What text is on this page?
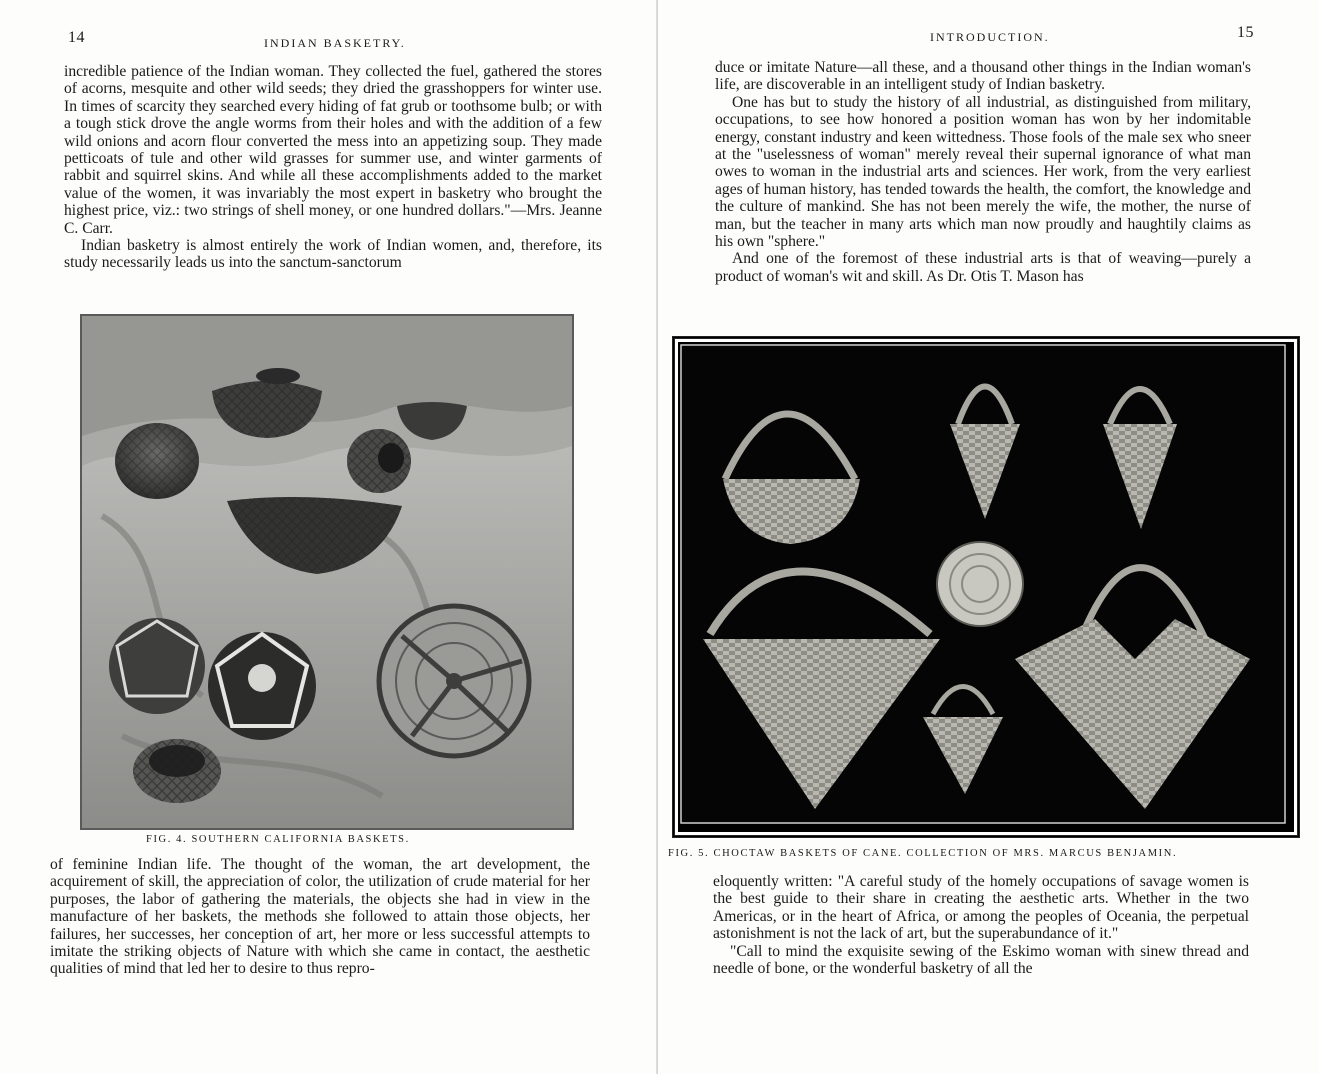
14	INDIAN BASKETRY.

incredible patience of the Indian woman. They collected the fuel, gathered the stores of acorns, mesquite and other wild seeds; they dried the grasshoppers for winter use. In times of scarcity they searched every hiding of fat grub or toothsome bulb; or with a tough stick drove the angle worms from their holes and with the addition of a few wild onions and acorn flour converted the mess into an appetizing soup. They made petticoats of tule and other wild grasses for summer use, and winter garments of rabbit and squirrel skins. And while all these accomplishments added to the market value of the women, it was invariably the most expert in basketry who brought the highest price, viz.: two strings of shell money, or one hundred dollars."—Mrs. Jeanne C. Carr.

Indian basketry is almost entirely the work of Indian women, and, therefore, its study necessarily leads us into the sanctum-sanctorum

FIG. 4. SOUTHERN CALIFORNIA BASKETS.

of feminine Indian life. The thought of the woman, the art development, the acquirement of skill, the appreciation of color, the utilization of crude material for her purposes, the labor of gathering the materials, the objects she had in view in the manufacture of her baskets, the methods she followed to attain those objects, her failures, her successes, her conception of art, her more or less successful attempts to imitate the striking objects of Nature with which she came in contact, the aesthetic qualities of mind that led her to desire to thus repro-

INTRODUCTION.	15

duce or imitate Nature—all these, and a thousand other things in the Indian woman's life, are discoverable in an intelligent study of Indian basketry.

One has but to study the history of all industrial, as distinguished from military, occupations, to see how honored a position woman has won by her indomitable energy, constant industry and keen wittedness. Those fools of the male sex who sneer at the "uselessness of woman" merely reveal their supernal ignorance of what man owes to woman in the industrial arts and sciences. Her work, from the very earliest ages of human history, has tended towards the health, the comfort, the knowledge and the culture of mankind. She has not been merely the wife, the mother, the nurse of man, but the teacher in many arts which man now proudly and haughtily claims as his own "sphere."

And one of the foremost of these industrial arts is that of weaving—purely a product of woman's wit and skill. As Dr. Otis T. Mason has

FIG. 5. CHOCTAW BASKETS OF CANE. COLLECTION OF MRS. MARCUS BENJAMIN.

eloquently written: "A careful study of the homely occupations of savage women is the best guide to their share in creating the aesthetic arts. Whether in the two Americas, or in the heart of Africa, or among the peoples of Oceania, the perpetual astonishment is not the lack of art, but the superabundance of it."

"Call to mind the exquisite sewing of the Eskimo woman with sinew thread and needle of bone, or the wonderful basketry of all the
